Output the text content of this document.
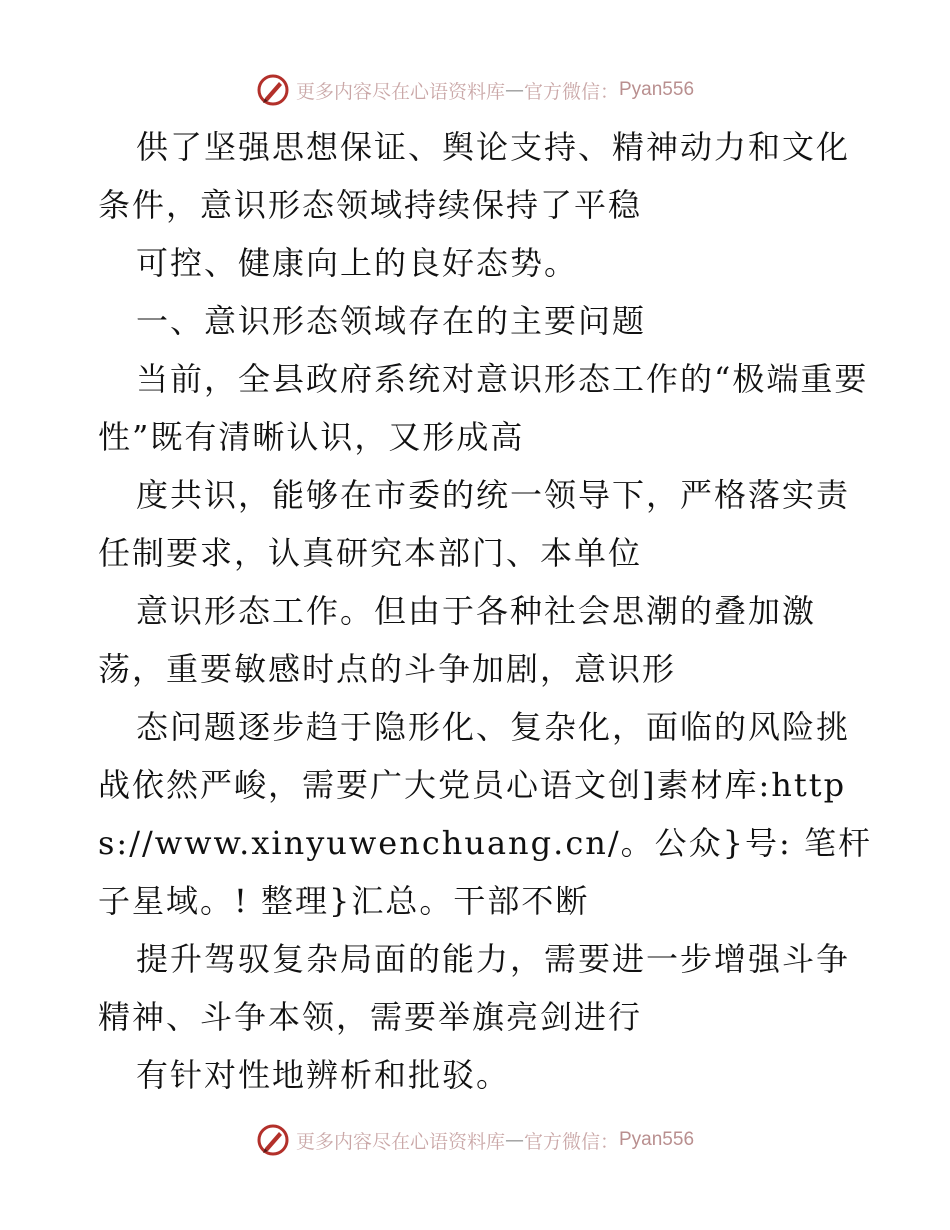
更多内容尽在心语资料库 — 官方微信： Pyan556

供了坚强思想保证、舆论支持、精神动力和文化条件，意识形态领域持续保持了平稳

可控、健康向上的良好态势。

一、意识形态领域存在的主要问题

当前，全县政府系统对意识形态工作的“极端重要性”既有清晰认识，又形成高

度共识，能够在市委的统一领导下，严格落实责任制要求，认真研究本部门、本单位

意识形态工作。但由于各种社会思潮的叠加激荡，重要敏感时点的斗争加剧，意识形

态问题逐步趋于隐形化、复杂化，面临的风险挑战依然严峻，需要广大党员心语文创]素材库:https://www.xinyuwenchuang.cn/。公众}号: 笔杆子星域。! 整理}汇总。干部不断

提升驾驭复杂局面的能力，需要进一步增强斗争精神、斗争本领，需要举旗亮剑进行

有针对性地辨析和批驳。

更多内容尽在心语资料库 — 官方微信： Pyan556
